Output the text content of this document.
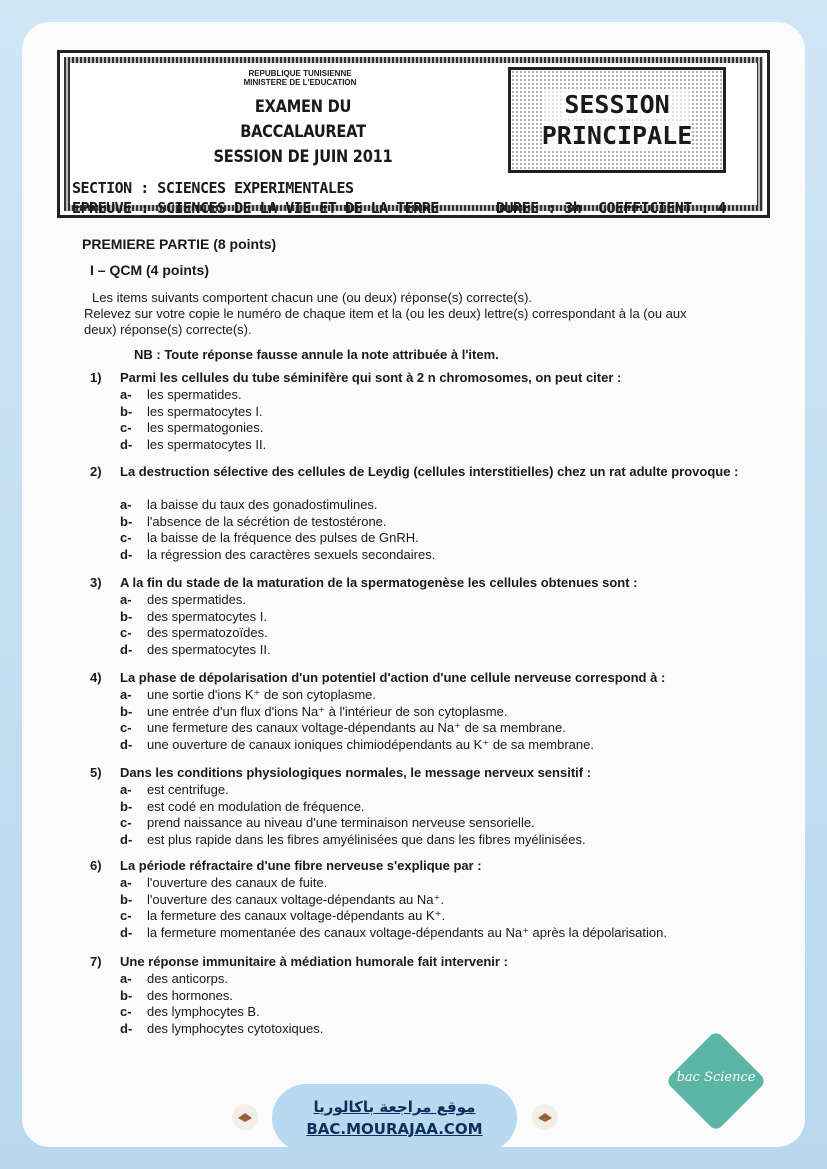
REPUBLIQUE TUNISIENNE
MINISTERE DE L'EDUCATION
EXAMEN DU BACCALAUREAT
SESSION DE JUIN 2011
SESSION
PRINCIPALE
SECTION : SCIENCES EXPERIMENTALES
EPREUVE : SCIENCES DE LA VIE ET DE LA TERRE	DUREE : 3h COEFFICIENT : 4
PREMIERE PARTIE (8 points)
I – QCM (4 points)
Les items suivants comportent chacun une (ou deux) réponse(s) correcte(s).
Relevez sur votre copie le numéro de chaque item et la (ou les deux) lettre(s) correspondant à la (ou aux
deux) réponse(s) correcte(s).
NB : Toute réponse fausse annule la note attribuée à l'item.
1) Parmi les cellules du tube séminifère qui sont à 2 n chromosomes, on peut citer :
a- les spermatides.
b- les spermatocytes I.
c- les spermatogonies.
d- les spermatocytes II.
2) La destruction sélective des cellules de Leydig (cellules interstitielles) chez un rat adulte provoque :
a- la baisse du taux des gonadostimulines.
b- l'absence de la sécrétion de testostérone.
c- la baisse de la fréquence des pulses de GnRH.
d- la régression des caractères sexuels secondaires.
3) A la fin du stade de la maturation de la spermatogenèse les cellules obtenues sont :
a- des spermatides.
b- des spermatocytes I.
c- des spermatozoïdes.
d- des spermatocytes II.
4) La phase de dépolarisation d'un potentiel d'action d'une cellule nerveuse correspond à :
a- une sortie d'ions K⁺ de son cytoplasme.
b- une entrée d'un flux d'ions Na⁺ à l'intérieur de son cytoplasme.
c- une fermeture des canaux voltage-dépendants au Na⁺ de sa membrane.
d- une ouverture de canaux ioniques chimiodépendants au K⁺ de sa membrane.
5) Dans les conditions physiologiques normales, le message nerveux sensitif :
a- est centrifuge.
b- est codé en modulation de fréquence.
c- prend naissance au niveau d'une terminaison nerveuse sensorielle.
d- est plus rapide dans les fibres amyélinisées que dans les fibres myélinisées.
6) La période réfractaire d'une fibre nerveuse s'explique par :
a- l'ouverture des canaux de fuite.
b- l'ouverture des canaux voltage-dépendants au Na⁺.
c- la fermeture des canaux voltage-dépendants au K⁺.
d- la fermeture momentanée des canaux voltage-dépendants au Na⁺ après la dépolarisation.
7) Une réponse immunitaire à médiation humorale fait intervenir :
a- des anticorps.
b- des hormones.
c- des lymphocytes B.
d- des lymphocytes cytotoxiques.
موقع مراجعة باكالوريا
BAC.MOURAJAA.COM
bac Science
